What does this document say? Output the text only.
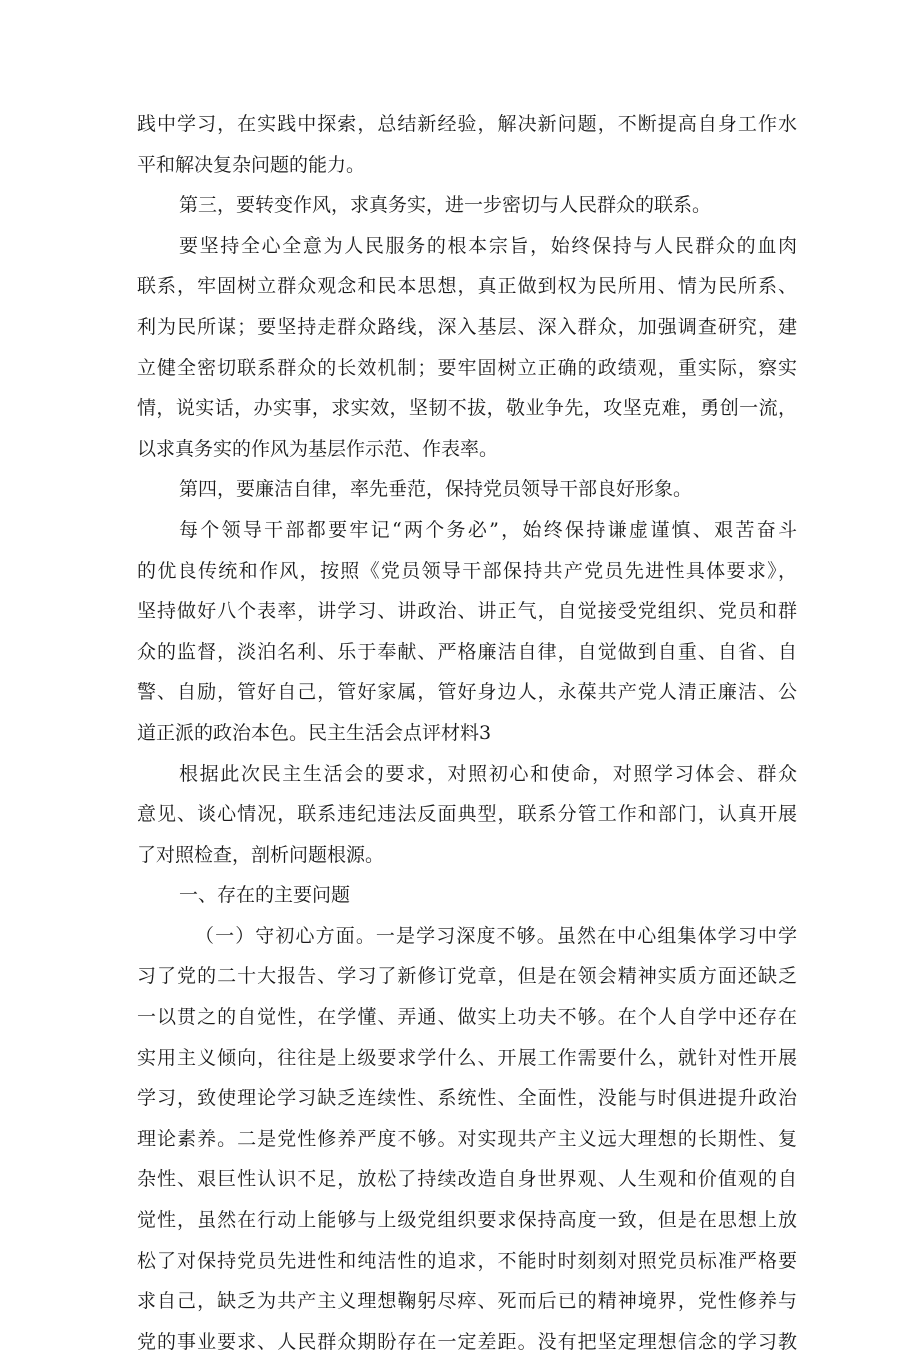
践中学习，在实践中探索，总结新经验，解决新问题，不断提高自身工作水
平和解决复杂问题的能力。
第三，要转变作风，求真务实，进一步密切与人民群众的联系。
要坚持全心全意为人民服务的根本宗旨，始终保持与人民群众的血肉
联系，牢固树立群众观念和民本思想，真正做到权为民所用、情为民所系、
利为民所谋；要坚持走群众路线，深入基层、深入群众，加强调查研究，建
立健全密切联系群众的长效机制；要牢固树立正确的政绩观，重实际，察实
情，说实话，办实事，求实效，坚韧不拔，敬业争先，攻坚克难，勇创一流，
以求真务实的作风为基层作示范、作表率。
第四，要廉洁自律，率先垂范，保持党员领导干部良好形象。
每个领导干部都要牢记“两个务必”，始终保持谦虚谨慎、艰苦奋斗
的优良传统和作风，按照《党员领导干部保持共产党员先进性具体要求》，
坚持做好八个表率，讲学习、讲政治、讲正气，自觉接受党组织、党员和群
众的监督，淡泊名利、乐于奉献、严格廉洁自律，自觉做到自重、自省、自
警、自励，管好自己，管好家属，管好身边人，永葆共产党人清正廉洁、公
道正派的政治本色。民主生活会点评材料3
根据此次民主生活会的要求，对照初心和使命，对照学习体会、群众
意见、谈心情况，联系违纪违法反面典型，联系分管工作和部门，认真开展
了对照检查，剖析问题根源。
一、存在的主要问题
（一）守初心方面。一是学习深度不够。虽然在中心组集体学习中学
习了党的二十大报告、学习了新修订党章，但是在领会精神实质方面还缺乏
一以贯之的自觉性，在学懂、弄通、做实上功夫不够。在个人自学中还存在
实用主义倾向，往往是上级要求学什么、开展工作需要什么，就针对性开展
学习，致使理论学习缺乏连续性、系统性、全面性，没能与时俱进提升政治
理论素养。二是党性修养严度不够。对实现共产主义远大理想的长期性、复
杂性、艰巨性认识不足，放松了持续改造自身世界观、人生观和价值观的自
觉性，虽然在行动上能够与上级党组织要求保持高度一致，但是在思想上放
松了对保持党员先进性和纯洁性的追求，不能时时刻刻对照党员标准严格要
求自己，缺乏为共产主义理想鞠躬尽瘁、死而后已的精神境界，党性修养与
党的事业要求、人民群众期盼存在一定差距。没有把坚定理想信念的学习教
